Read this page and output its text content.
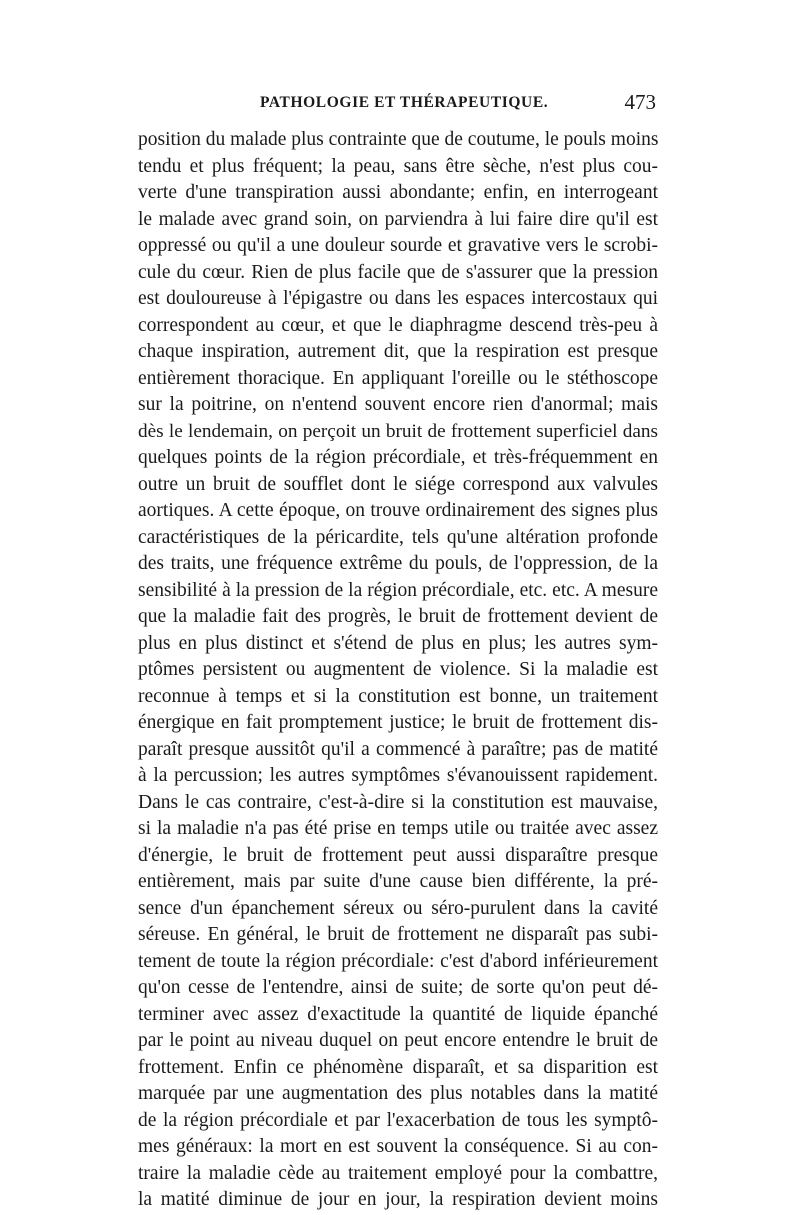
PATHOLOGIE ET THÉRAPEUTIQUE.	473
position du malade plus contrainte que de coutume, le pouls moins
tendu et plus fréquent; la peau, sans être sèche, n'est plus cou-
verte d'une transpiration aussi abondante; enfin, en interrogeant
le malade avec grand soin, on parviendra à lui faire dire qu'il est
oppressé ou qu'il a une douleur sourde et gravative vers le scrobi-
cule du cœur. Rien de plus facile que de s'assurer que la pression
est douloureuse à l'épigastre ou dans les espaces intercostaux qui
correspondent au cœur, et que le diaphragme descend très-peu à
chaque inspiration, autrement dit, que la respiration est presque
entièrement thoracique. En appliquant l'oreille ou le stéthoscope
sur la poitrine, on n'entend souvent encore rien d'anormal; mais
dès le lendemain, on perçoit un bruit de frottement superficiel dans
quelques points de la région précordiale, et très-fréquemment en
outre un bruit de soufflet dont le siége correspond aux valvules
aortiques. A cette époque, on trouve ordinairement des signes plus
caractéristiques de la péricardite, tels qu'une altération profonde
des traits, une fréquence extrême du pouls, de l'oppression, de la
sensibilité à la pression de la région précordiale, etc. etc. A mesure
que la maladie fait des progrès, le bruit de frottement devient de
plus en plus distinct et s'étend de plus en plus; les autres sym-
ptômes persistent ou augmentent de violence. Si la maladie est
reconnue à temps et si la constitution est bonne, un traitement
énergique en fait promptement justice; le bruit de frottement dis-
paraît presque aussitôt qu'il a commencé à paraître; pas de matité
à la percussion; les autres symptômes s'évanouissent rapidement.
Dans le cas contraire, c'est-à-dire si la constitution est mauvaise,
si la maladie n'a pas été prise en temps utile ou traitée avec assez
d'énergie, le bruit de frottement peut aussi disparaître presque
entièrement, mais par suite d'une cause bien différente, la pré-
sence d'un épanchement séreux ou séro-purulent dans la cavité
séreuse. En général, le bruit de frottement ne disparaît pas subi-
tement de toute la région précordiale: c'est d'abord inférieurement
qu'on cesse de l'entendre, ainsi de suite; de sorte qu'on peut dé-
terminer avec assez d'exactitude la quantité de liquide épanché
par le point au niveau duquel on peut encore entendre le bruit de
frottement. Enfin ce phénomène disparaît, et sa disparition est
marquée par une augmentation des plus notables dans la matité
de la région précordiale et par l'exacerbation de tous les symptô-
mes généraux: la mort en est souvent la conséquence. Si au con-
traire la maladie cède au traitement employé pour la combattre,
la matité diminue de jour en jour, la respiration devient moins
